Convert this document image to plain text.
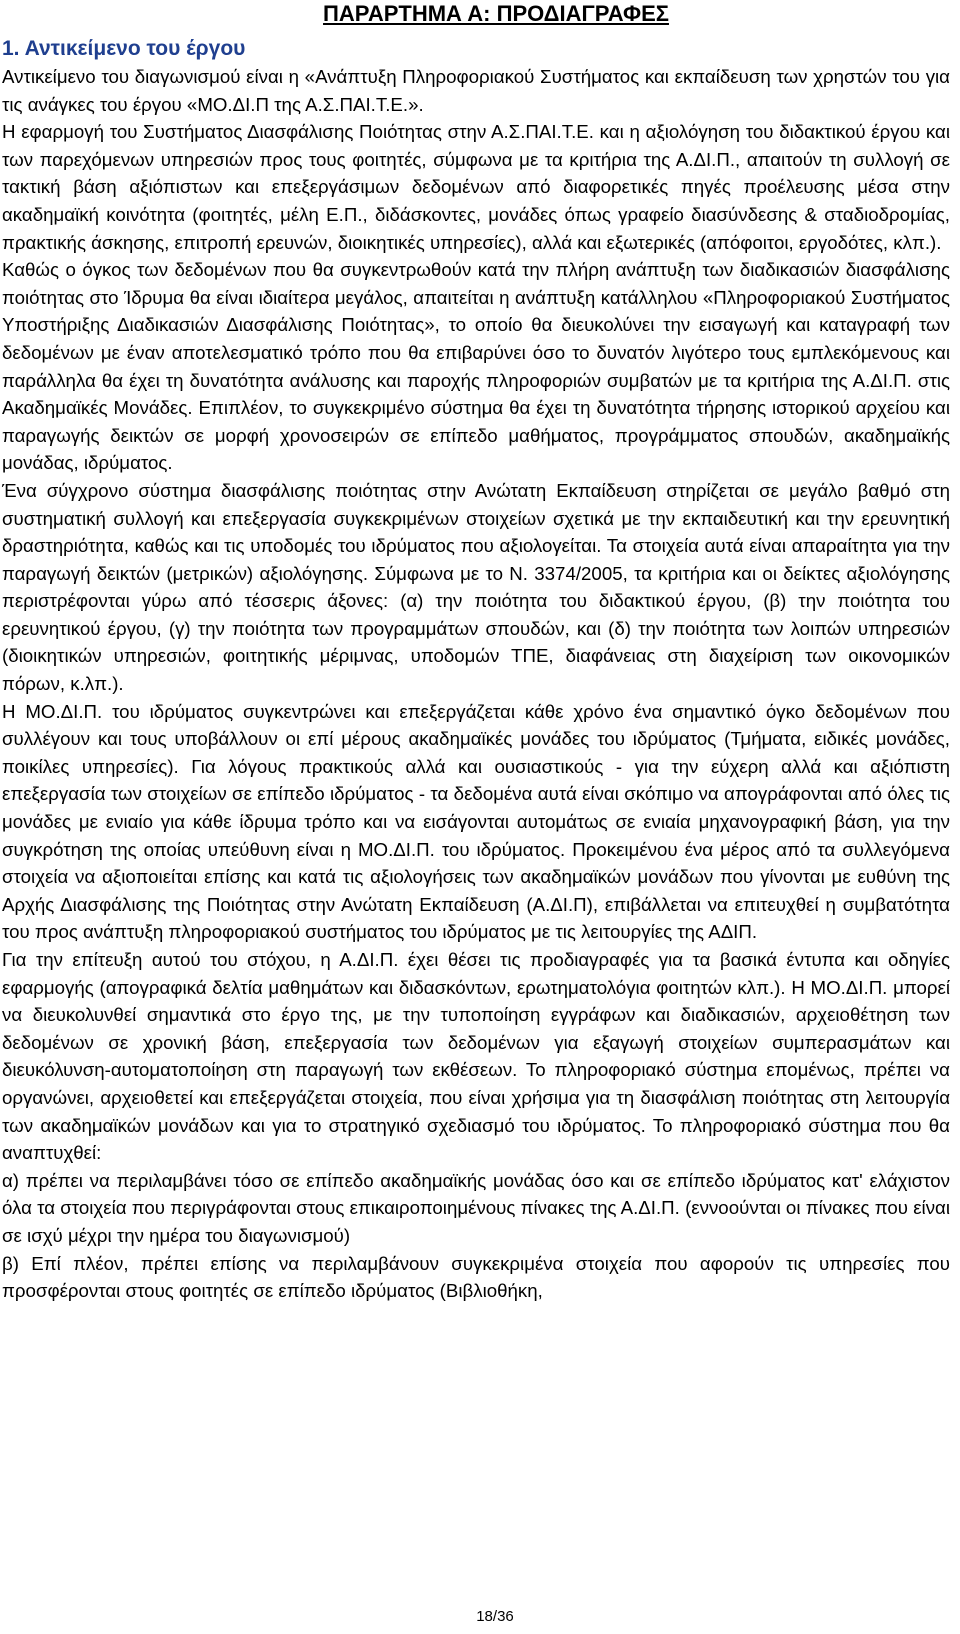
ΠΑΡΑΡΤΗΜΑ Α: ΠΡΟΔΙΑΓΡΑΦΕΣ
1. Αντικείμενο του έργου

Αντικείμενο του διαγωνισμού είναι η «Ανάπτυξη Πληροφοριακού Συστήματος και εκπαίδευση των χρηστών του για τις ανάγκες του έργου «ΜΟ.ΔΙ.Π της Α.Σ.ΠΑΙ.Τ.Ε.».

Η εφαρμογή του Συστήματος Διασφάλισης Ποιότητας στην Α.Σ.ΠΑΙ.Τ.Ε. και η αξιολόγηση του διδακτικού έργου και των παρεχόμενων υπηρεσιών προς τους φοιτητές, σύμφωνα με τα κριτήρια της Α.ΔΙ.Π., απαιτούν τη συλλογή σε τακτική βάση αξιόπιστων και επεξεργάσιμων δεδομένων από διαφορετικές πηγές προέλευσης μέσα στην ακαδημαϊκή κοινότητα (φοιτητές, μέλη Ε.Π., διδάσκοντες, μονάδες όπως γραφείο διασύνδεσης & σταδιοδρομίας, πρακτικής άσκησης, επιτροπή ερευνών, διοικητικές υπηρεσίες), αλλά και εξωτερικές (απόφοιτοι, εργοδότες, κλπ.).

Καθώς ο όγκος των δεδομένων που θα συγκεντρωθούν κατά την πλήρη ανάπτυξη των διαδικασιών διασφάλισης ποιότητας στο Ίδρυμα θα είναι ιδιαίτερα μεγάλος, απαιτείται η ανάπτυξη κατάλληλου «Πληροφοριακού Συστήματος Υποστήριξης Διαδικασιών Διασφάλισης Ποιότητας», το οποίο θα διευκολύνει την εισαγωγή και καταγραφή των δεδομένων με έναν αποτελεσματικό τρόπο που θα επιβαρύνει όσο το δυνατόν λιγότερο τους εμπλεκόμενους και παράλληλα θα έχει τη δυνατότητα ανάλυσης και παροχής πληροφοριών συμβατών με τα κριτήρια της Α.ΔΙ.Π. στις Ακαδημαϊκές Μονάδες. Επιπλέον, το συγκεκριμένο σύστημα θα έχει τη δυνατότητα τήρησης ιστορικού αρχείου και παραγωγής δεικτών σε μορφή χρονοσειρών σε επίπεδο μαθήματος, προγράμματος σπουδών, ακαδημαϊκής μονάδας, ιδρύματος.

Ένα σύγχρονο σύστημα διασφάλισης ποιότητας στην Ανώτατη Εκπαίδευση στηρίζεται σε μεγάλο βαθμό στη συστηματική συλλογή και επεξεργασία συγκεκριμένων στοιχείων σχετικά με την εκπαιδευτική και την ερευνητική δραστηριότητα, καθώς και τις υποδομές του ιδρύματος που αξιολογείται. Τα στοιχεία αυτά είναι απαραίτητα για την παραγωγή δεικτών (μετρικών) αξιολόγησης. Σύμφωνα με το Ν. 3374/2005, τα κριτήρια και οι δείκτες αξιολόγησης περιστρέφονται γύρω από τέσσερις άξονες: (α) την ποιότητα του διδακτικού έργου, (β) την ποιότητα του ερευνητικού έργου, (γ) την ποιότητα των προγραμμάτων σπουδών, και (δ) την ποιότητα των λοιπών υπηρεσιών (διοικητικών υπηρεσιών, φοιτητικής μέριμνας, υποδομών ΤΠΕ, διαφάνειας στη διαχείριση των οικονομικών πόρων, κ.λπ.).

Η ΜΟ.ΔΙ.Π. του ιδρύματος συγκεντρώνει και επεξεργάζεται κάθε χρόνο ένα σημαντικό όγκο δεδομένων που συλλέγουν και τους υποβάλλουν οι επί μέρους ακαδημαϊκές μονάδες του ιδρύματος (Τμήματα, ειδικές μονάδες, ποικίλες υπηρεσίες). Για λόγους πρακτικούς αλλά και ουσιαστικούς - για την εύχερη αλλά και αξιόπιστη επεξεργασία των στοιχείων σε επίπεδο ιδρύματος - τα δεδομένα αυτά είναι σκόπιμο να απογράφονται από όλες τις μονάδες με ενιαίο για κάθε ίδρυμα τρόπο και να εισάγονται αυτομάτως σε ενιαία μηχανογραφική βάση, για την συγκρότηση της οποίας υπεύθυνη είναι η ΜΟ.ΔΙ.Π. του ιδρύματος. Προκειμένου ένα μέρος από τα συλλεγόμενα στοιχεία να αξιοποιείται επίσης και κατά τις αξιολογήσεις των ακαδημαϊκών μονάδων που γίνονται με ευθύνη της Αρχής Διασφάλισης της Ποιότητας στην Ανώτατη Εκπαίδευση (Α.ΔΙ.Π), επιβάλλεται να επιτευχθεί η συμβατότητα του προς ανάπτυξη πληροφοριακού συστήματος του ιδρύματος με τις λειτουργίες της ΑΔΙΠ.

Για την επίτευξη αυτού του στόχου, η Α.ΔΙ.Π. έχει θέσει τις προδιαγραφές για τα βασικά έντυπα και οδηγίες εφαρμογής (απογραφικά δελτία μαθημάτων και διδασκόντων, ερωτηματολόγια φοιτητών κλπ.). Η ΜΟ.ΔΙ.Π. μπορεί να διευκολυνθεί σημαντικά στο έργο της, με την τυποποίηση εγγράφων και διαδικασιών, αρχειοθέτηση των δεδομένων σε χρονική βάση, επεξεργασία των δεδομένων για εξαγωγή στοιχείων συμπερασμάτων και διευκόλυνση-αυτοματοποίηση στη παραγωγή των εκθέσεων. Το πληροφοριακό σύστημα επομένως, πρέπει να οργανώνει, αρχειοθετεί και επεξεργάζεται στοιχεία, που είναι χρήσιμα για τη διασφάλιση ποιότητας στη λειτουργία των ακαδημαϊκών μονάδων και για το στρατηγικό σχεδιασμό του ιδρύματος. Το πληροφοριακό σύστημα που θα αναπτυχθεί:

α) πρέπει να περιλαμβάνει τόσο σε επίπεδο ακαδημαϊκής μονάδας όσο και σε επίπεδο ιδρύματος κατ' ελάχιστον όλα τα στοιχεία που περιγράφονται στους επικαιροποιημένους πίνακες της Α.ΔΙ.Π. (εννοούνται οι πίνακες που είναι σε ισχύ μέχρι την ημέρα του διαγωνισμού)

β) Επί πλέον, πρέπει επίσης να περιλαμβάνουν συγκεκριμένα στοιχεία που αφορούν τις υπηρεσίες που προσφέρονται στους φοιτητές σε επίπεδο ιδρύματος (Βιβλιοθήκη,

18/36
